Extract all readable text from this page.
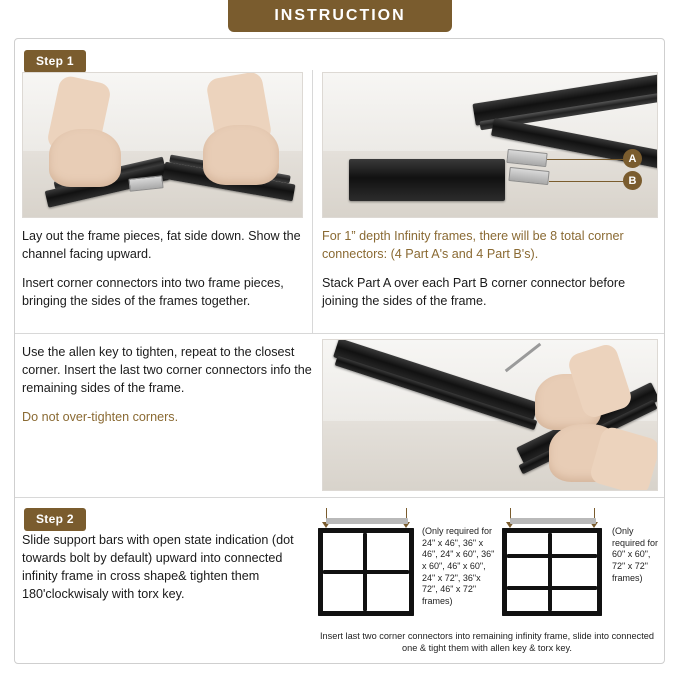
INSTRUCTION
Step 1
Step 2
A
B

Lay out the frame pieces, fat side down. Show the channel facing upward.

Insert corner connectors into two frame pieces, bringing the sides of the frames together.

For 1” depth Infinity frames, there will be 8 total corner connectors: (4 Part A's and 4 Part B's).

Stack Part A over each Part B corner connector before joining the sides of the frame.

Use the allen key to tighten, repeat to the closest corner. Insert the last two corner connectors info the remaining sides of the frame.

Do not over-tighten corners.

Slide support bars with open state indication (dot towards bolt by default) upward into connected infinity frame in cross shape& tighten them 180'clockwisaly with torx key.

(Only required for 24" x 46", 36" x 46", 24" x 60", 36" x 60", 46" x 60", 24" x 72", 36"x 72", 46" x 72" frames)
(Only required for 60" x 60", 72" x 72" frames)
Insert last two corner connectors into remaining infinity frame, slide into connected one & tight them with allen key & torx key.
